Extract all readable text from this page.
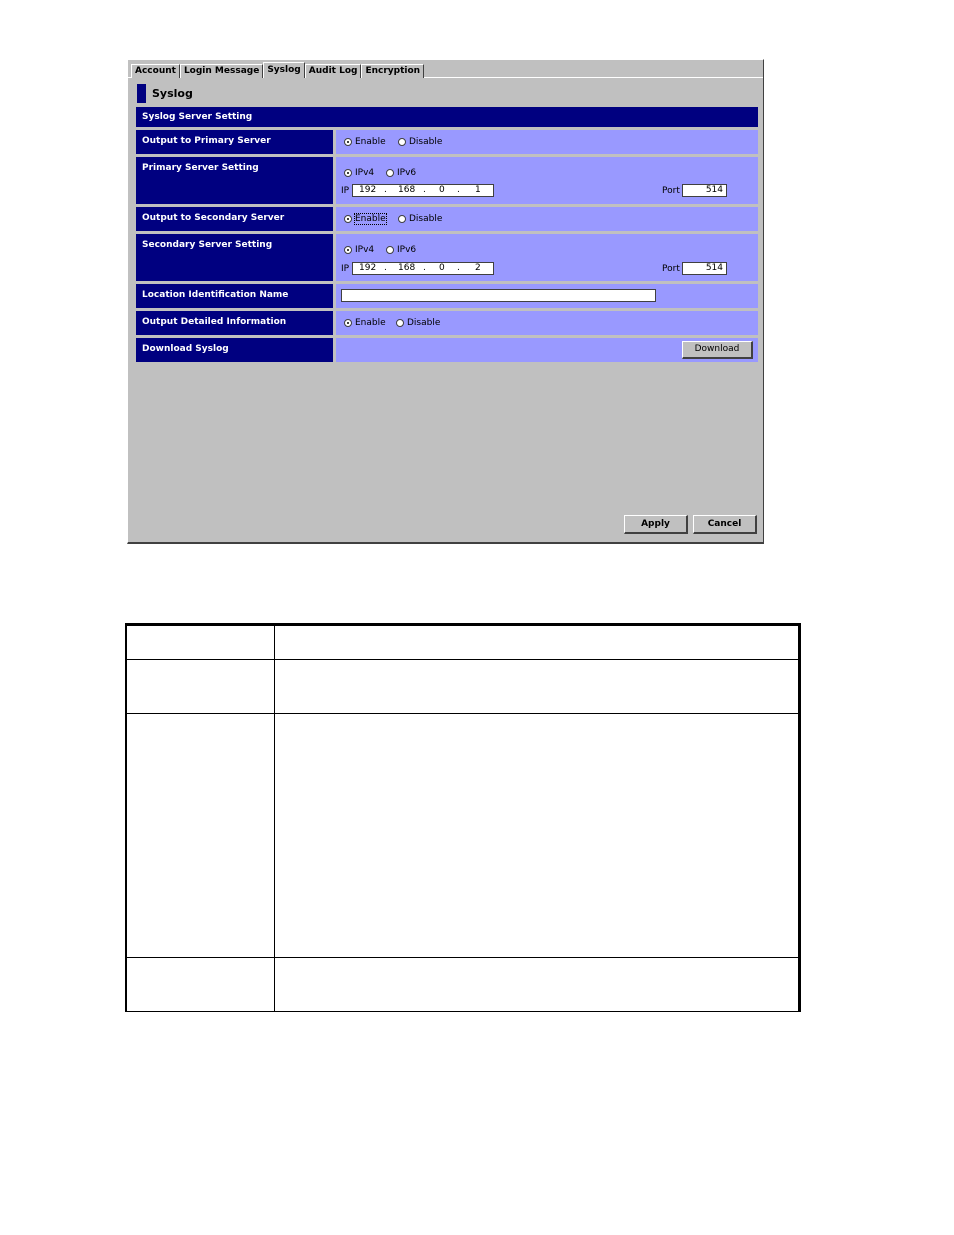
Account Login Message Syslog Audit Log Encryption
Syslog
Syslog Server Setting
Output to Primary Server	Enable	Disable
Primary Server Setting	IPv4	IPv6
IP 192 . 168 . 0 . 1	Port	514
Output to Secondary Server	Enable	Disable
Secondary Server Setting	IPv4	IPv6
IP 192 . 168 . 0 . 2	Port	514
Location Identification Name
Output Detailed Information	Enable Disable
Download Syslog	Download
Apply	Cancel
